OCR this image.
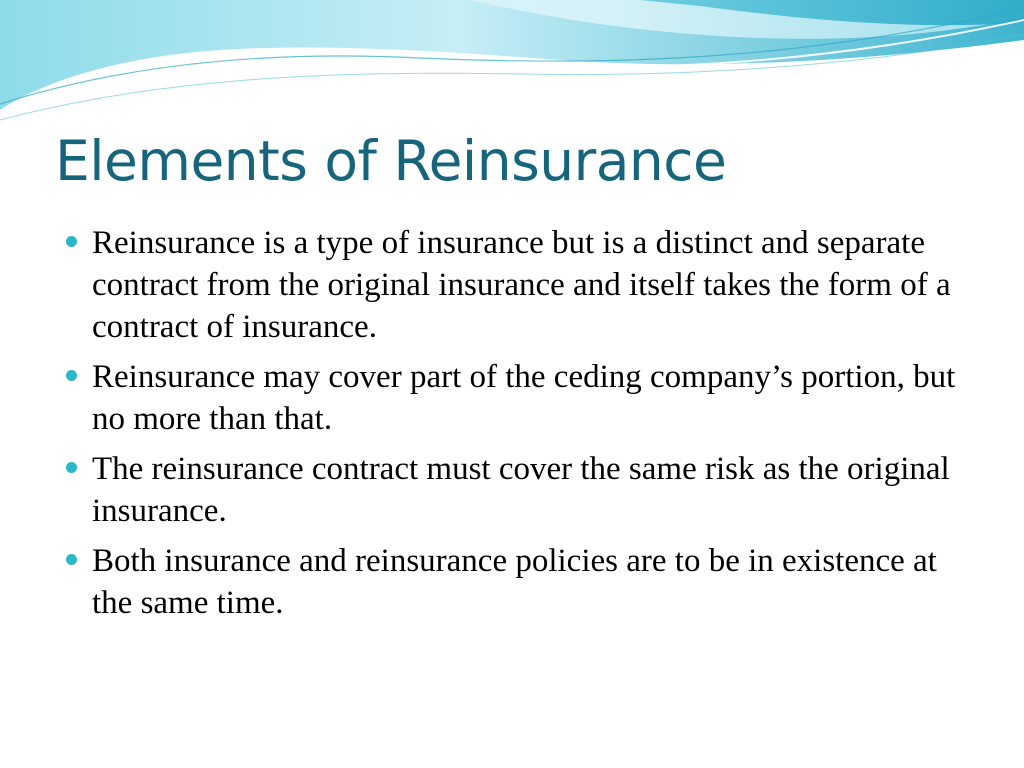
Elements of Reinsurance
Reinsurance is a type of insurance but is a distinct and separate contract from the original insurance and itself takes the form of a contract of insurance.
Reinsurance may cover part of the ceding company’s portion, but no more than that.
The reinsurance contract must cover the same risk as the original insurance.
Both insurance and reinsurance policies are to be in existence at the same time.
